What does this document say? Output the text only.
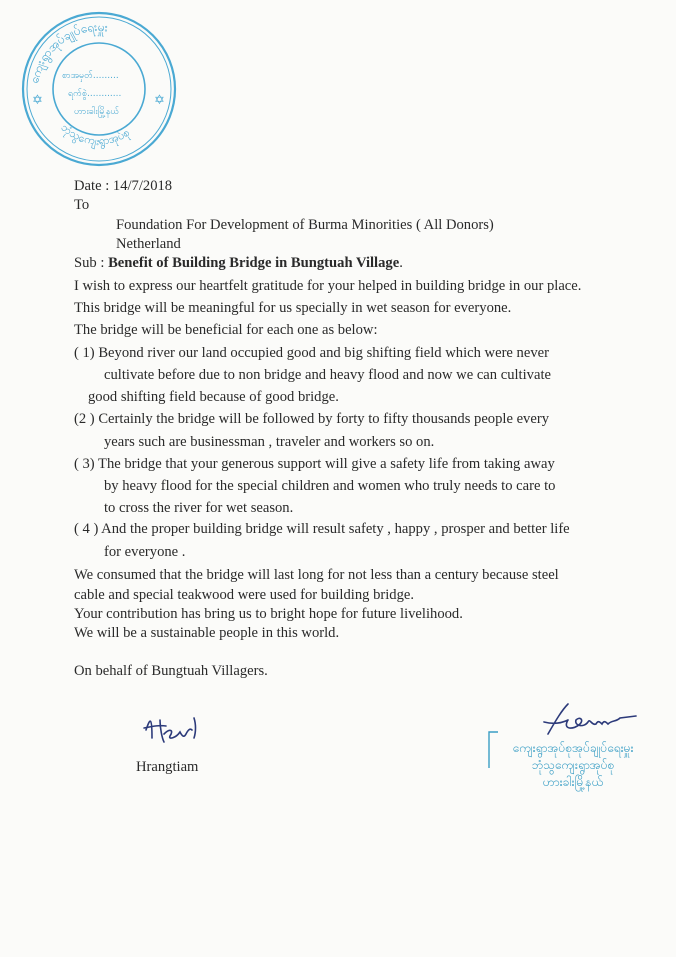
ကျေးရွာအုပ်ချုပ်ရေးမှူး
ဘုံသွကျေးရွာအုပ်စု
✡	✡
စာအမှတ်.........
ရက်စွဲ............
ဟားခါးမြို့နယ်
Date : 14/7/2018
To
Foundation For Development of Burma Minorities ( All Donors)
Netherland
Sub : Benefit of Building Bridge in Bungtuah Village.
I wish to express our heartfelt gratitude for your helped in building bridge in our place.
This bridge will be meaningful for us specially in wet season for everyone.
The bridge will be beneficial for each one as below:
( 1) Beyond river our land occupied good and big shifting field which were never
cultivate before due to non bridge and heavy flood and now we can cultivate
good shifting field because of good bridge.
(2 ) Certainly the bridge will be followed by forty to fifty thousands people every
years such are businessman , traveler and workers so on.
( 3) The bridge that your generous support will give a safety life from taking away
by heavy flood for the special children and women who truly needs to care to
to cross the river for wet season.
( 4 ) And the proper building bridge will result safety , happy , prosper and better life
for everyone .
We consumed that the bridge will last long for not less than a century because steel
cable and special teakwood were used for building bridge.
Your contribution has bring us to bright hope for future livelihood.
We will be a sustainable people in this world.
On behalf of Bungtuah Villagers.
Hrangtiam
ကျေးရွာအုပ်စုအုပ်ချုပ်ရေးမှူး
ဘုံသွကျေးရွာအုပ်စု
ဟားခါးမြို့နယ်
